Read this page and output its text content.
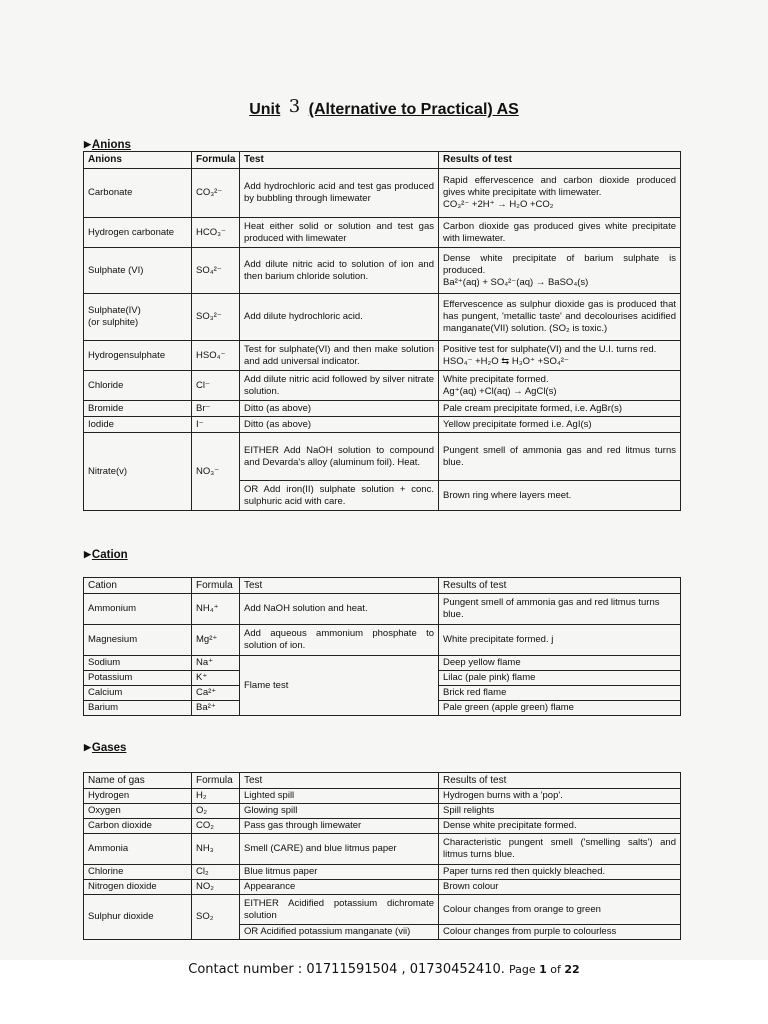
Unit 3 (Alternative to Practical) AS
▶Anions
Anions	Formula	Test	Results of test
Carbonate	CO₃²⁻	Add hydrochloric acid and test gas produced by bubbling through limewater	Rapid effervescence and carbon dioxide produced gives white precipitate with limewater.
CO₃²⁻ +2H⁺ → H₂O +CO₂

Hydrogen carbonate	HCO₃⁻	Heat either solid or solution and test gas produced with limewater	Carbon dioxide gas produced gives white precipitate with limewater.
Sulphate (VI)	SO₄²⁻	Add dilute nitric acid to solution of ion and then barium chloride solution.	Dense white precipitate of barium sulphate is produced.
Ba²⁺(aq) + SO₄²⁻(aq) → BaSO₄(s)

Sulphate(IV)
(or sulphite)	SO₃²⁻	Add dilute hydrochloric acid.	Effervescence as sulphur dioxide gas is produced that has pungent, 'metallic taste' and decolourises acidified manganate(VII) solution. (SO₂ is toxic.)
Hydrogensulphate	HSO₄⁻	Test for sulphate(VI) and then make solution and add universal indicator.	Positive test for sulphate(VI) and the U.I. turns red.
HSO₄⁻ +H₂O ⇆ H₃O⁺ +SO₄²⁻

Chloride	Cl⁻	Add dilute nitric acid followed by silver nitrate solution.	White precipitate formed.
Ag⁺(aq) +Cl(aq) → AgCl(s)

Bromide	Br⁻	Ditto (as above)	Pale cream precipitate formed, i.e. AgBr(s)
Iodide	I⁻	Ditto (as above)	Yellow precipitate formed i.e. AgI(s)
Nitrate(v)	NO₃⁻	EITHER Add NaOH solution to compound and Devarda's alloy (aluminum foil). Heat.	Pungent smell of ammonia gas and red litmus turns blue.
		OR Add iron(II) sulphate solution + conc. sulphuric acid with care.	Brown ring where layers meet.
▶Cation
Cation	Formula	Test	Results of test
Ammonium	NH₄⁺	Add NaOH solution and heat.	Pungent smell of ammonia gas and red litmus turns blue.
Magnesium	Mg²⁺	Add aqueous ammonium phosphate to solution of ion.	White precipitate formed. j
Sodium	Na⁺	Flame test	Deep yellow flame
Potassium	K⁺		Lilac (pale pink) flame
Calcium	Ca²⁺		Brick red flame
Barium	Ba²⁺		Pale green (apple green) flame
▶Gases
Name of gas	Formula	Test	Results of test
Hydrogen	H₂	Lighted spill	Hydrogen burns with a 'pop'.
Oxygen	O₂	Glowing spill	Spill relights
Carbon dioxide	CO₂	Pass gas through limewater	Dense white precipitate formed.
Ammonia	NH₃	Smell (CARE) and blue litmus paper	Characteristic pungent smell ('smelling salts') and litmus turns blue.
Chlorine	Cl₂	Blue litmus paper	Paper turns red then quickly bleached.
Nitrogen dioxide	NO₂	Appearance	Brown colour
Sulphur dioxide	SO₂	EITHER Acidified potassium dichromate solution	Colour changes from orange to green
		OR Acidified potassium manganate (vii)	Colour changes from purple to colourless
Contact number : 01711591504 , 01730452410. Page 1 of 22
